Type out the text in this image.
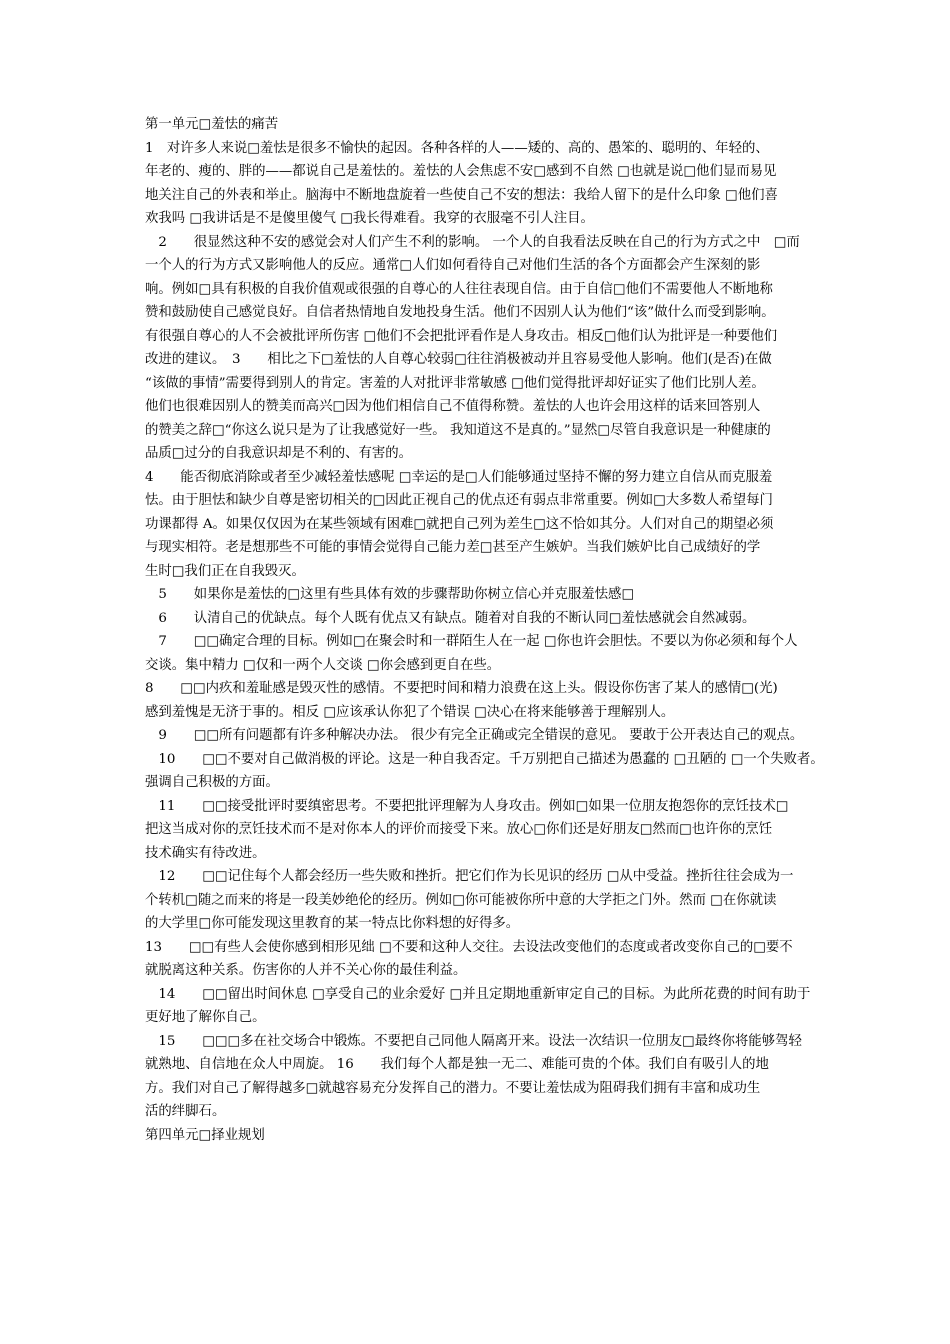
第一单元□羞怯的痛苦
1　对许多人来说□羞怯是很多不愉快的起因。各种各样的人——矮的、高的、愚笨的、聪明的、年轻的、
年老的、瘦的、胖的——都说自己是羞怯的。羞怯的人会焦虑不安□感到不自然 □也就是说□他们显而易见
地关注自己的外表和举止。脑海中不断地盘旋着一些使自己不安的想法：我给人留下的是什么印象 □他们喜
欢我吗 □我讲话是不是傻里傻气 □我长得难看。我穿的衣服毫不引人注目。
　2　　很显然这种不安的感觉会对人们产生不利的影响。 一个人的自我看法反映在自己的行为方式之中　□而
一个人的行为方式又影响他人的反应。通常□人们如何看待自己对他们生活的各个方面都会产生深刻的影
响。例如□具有积极的自我价值观或很强的自尊心的人往往表现自信。由于自信□他们不需要他人不断地称
赞和鼓励使自己感觉良好。自信者热情地自发地投身生活。他们不因别人认为他们“该”做什么而受到影响。
有很强自尊心的人不会被批评所伤害 □他们不会把批评看作是人身攻击。相反□他们认为批评是一种要他们
改进的建议。　3　　相比之下□羞怯的人自尊心较弱□往往消极被动并且容易受他人影响。他们(是否)在做
“该做的事情”需要得到别人的肯定。害羞的人对批评非常敏感 □他们觉得批评却好证实了他们比别人差。
他们也很难因别人的赞美而高兴□因为他们相信自己不值得称赞。羞怯的人也许会用这样的话来回答别人
的赞美之辞□“你这么说只是为了让我感觉好一些。 我知道这不是真的。”显然□尽管自我意识是一种健康的
品质□过分的自我意识却是不利的、有害的。
4　　能否彻底消除或者至少减轻羞怯感呢 □幸运的是□人们能够通过坚持不懈的努力建立自信从而克服羞
怯。由于胆怯和缺少自尊是密切相关的□因此正视自己的优点还有弱点非常重要。例如□大多数人希望每门
功课都得 A。如果仅仅因为在某些领域有困难□就把自己列为差生□这不恰如其分。人们对自己的期望必须
与现实相符。老是想那些不可能的事情会觉得自己能力差□甚至产生嫉妒。当我们嫉妒比自己成绩好的学
生时□我们正在自我毁灭。
　5　　如果你是羞怯的□这里有些具体有效的步骤帮助你树立信心并克服羞怯感□
　6　　认清自己的优缺点。每个人既有优点又有缺点。随着对自我的不断认同□羞怯感就会自然减弱。
　7　　□□确定合理的目标。例如□在聚会时和一群陌生人在一起 □你也许会胆怯。不要以为你必须和每个人
交谈。集中精力 □仅和一两个人交谈 □你会感到更自在些。
8　　□□内疚和羞耻感是毁灭性的感情。不要把时间和精力浪费在这上头。假设你伤害了某人的感情□(光)
感到羞愧是无济于事的。相反 □应该承认你犯了个错误 □决心在将来能够善于理解别人。
　9　　□□所有问题都有许多种解决办法。 很少有完全正确或完全错误的意见。 要敢于公开表达自己的观点。
　10　　□□不要对自己做消极的评论。这是一种自我否定。千万别把自己描述为愚蠢的 □丑陋的 □一个失败者。
强调自己积极的方面。
　11　　□□接受批评时要缜密思考。不要把批评理解为人身攻击。例如□如果一位朋友抱怨你的烹饪技术□
把这当成对你的烹饪技术而不是对你本人的评价而接受下来。放心□你们还是好朋友□然而□也许你的烹饪
技术确实有待改进。
　12　　□□记住每个人都会经历一些失败和挫折。把它们作为长见识的经历 □从中受益。挫折往往会成为一
个转机□随之而来的将是一段美妙绝伦的经历。例如□你可能被你所中意的大学拒之门外。然而 □在你就读
的大学里□你可能发现这里教育的某一特点比你料想的好得多。
13　　□□有些人会使你感到相形见绌 □不要和这种人交往。去设法改变他们的态度或者改变你自己的□要不
就脱离这种关系。伤害你的人并不关心你的最佳利益。
　14　　□□留出时间休息 □享受自己的业余爱好 □并且定期地重新审定自己的目标。为此所花费的时间有助于
更好地了解你自己。
　15　　□□□多在社交场合中锻炼。不要把自己同他人隔离开来。设法一次结识一位朋友□最终你将能够驾轻
就熟地、自信地在众人中周旋。 16　　我们每个人都是独一无二、难能可贵的个体。我们自有吸引人的地
方。我们对自己了解得越多□就越容易充分发挥自己的潜力。不要让羞怯成为阻碍我们拥有丰富和成功生
活的绊脚石。
第四单元□择业规划
